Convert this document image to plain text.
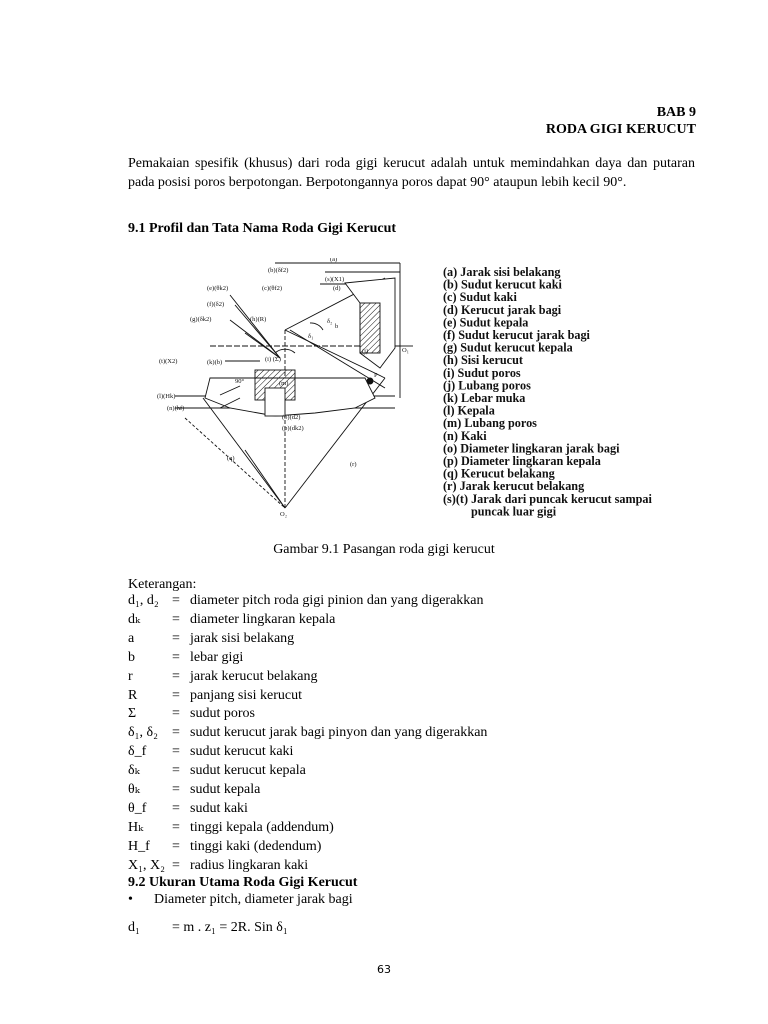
BAB 9
RODA GIGI KERUCUT
Pemakaian spesifik (khusus) dari roda gigi kerucut adalah untuk memindahkan daya dan putaran pada posisi poros berpotongan. Berpotongannya poros dapat 90° ataupun lebih kecil 90°.
9.1 Profil dan Tata Nama Roda Gigi Kerucut
(a)
(b)(δf2)
(e)(θk2)	(c)(θf2)
(s)(X1)
(d)
(f)(δ2)
(g)(δk2)	(h)(R)
(t)(X2)	(k)(b)	(i) (Σ)
(l)(Hk)
(n)(hf)
(m)
(o)(d2)
(p)(dk2)
(q)
(r)
(j)	O₁
O₂
P
90°
δ₁
δ₂
b
(a) Jarak sisi belakang
(b) Sudut kerucut kaki
(c) Sudut kaki
(d) Kerucut jarak bagi
(e) Sudut kepala
(f) Sudut kerucut jarak bagi
(g) Sudut kerucut kepala
(h) Sisi kerucut
(i) Sudut poros
(j) Lubang poros
(k) Lebar muka
(l) Kepala
(m) Lubang poros
(n) Kaki
(o) Diameter lingkaran jarak bagi
(p) Diameter lingkaran kepala
(q) Kerucut belakang
(r) Jarak kerucut belakang
(s)(t) Jarak dari puncak kerucut sampai
puncak luar gigi
Gambar 9.1 Pasangan roda gigi kerucut
Keterangan:
d₁, d₂	=	diameter pitch roda gigi pinion dan yang digerakkan
dₖ	=	diameter lingkaran kepala
a	=	jarak sisi belakang
b	=	lebar gigi
r	=	jarak kerucut belakang
R	=	panjang sisi kerucut
Σ	=	sudut poros
δ₁, δ₂	=	sudut kerucut jarak bagi pinyon dan yang digerakkan
δ_f	=	sudut kerucut kaki
δₖ	=	sudut kerucut kepala
θₖ	=	sudut kepala
θ_f	=	sudut kaki
Hₖ	=	tinggi kepala (addendum)
H_f	=	tinggi kaki (dedendum)
X₁, X₂	=	radius lingkaran kaki
9.2 Ukuran Utama Roda Gigi Kerucut
• Diameter pitch, diameter jarak bagi
d₁ = m . z₁ = 2R. Sin δ₁
63
